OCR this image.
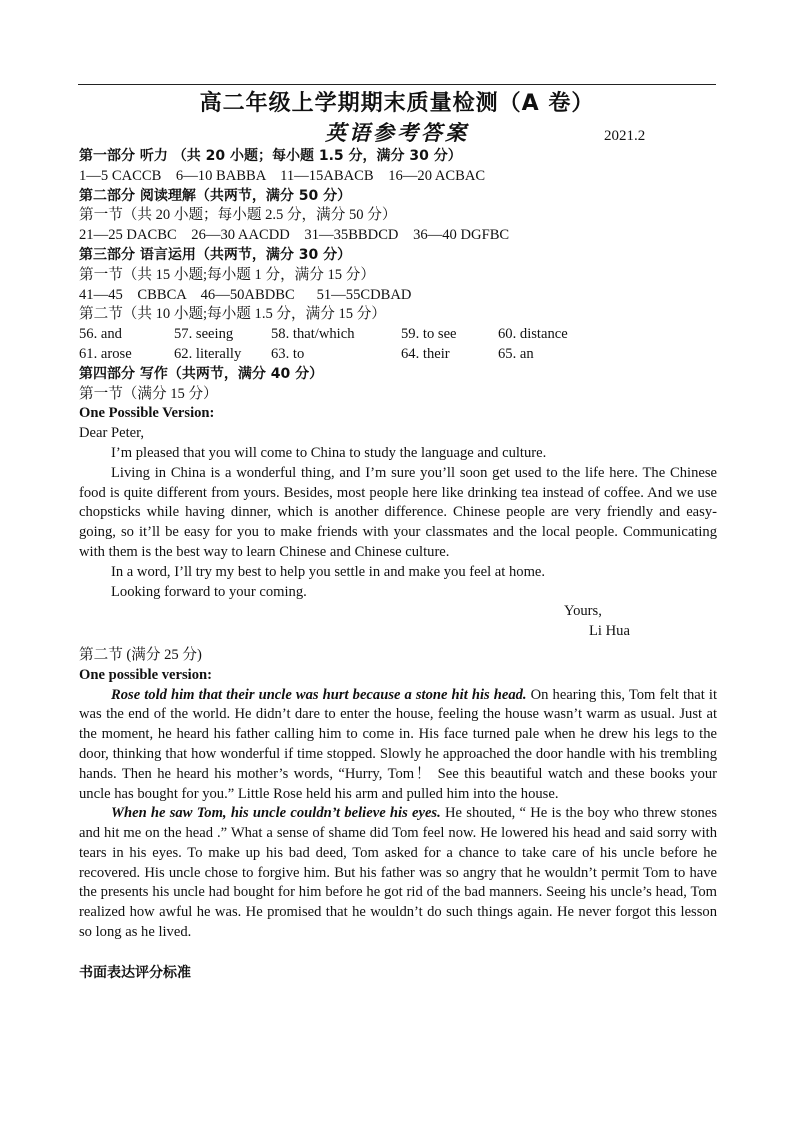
高二年级上学期期末质量检测（A 卷）
英语参考答案	2021.2
第一部分 听力 （共 20 小题；每小题 1.5 分，满分 30 分）
1—5 CACCB    6—10 BABBA    11—15ABACB    16—20 ACBAC
第二部分 阅读理解（共两节，满分 50 分）
第一节（共 20 小题；每小题 2.5 分，满分 50 分）
21—25 DACBC    26—30 AACDD    31—35BBDCD    36—40 DGFBC
第三部分 语言运用（共两节，满分 30 分）
第一节（共 15 小题;每小题 1 分，满分 15 分）
41—45    CBBCA    46—50ABDBC      51—55CDBAD
第二节（共 10 小题;每小题 1.5 分，满分 15 分）
56. and	57. seeing	58. that/which	59. to see	60. distance
61. arose	62. literally	63. to	64. their	65. an
第四部分 写作（共两节，满分 40 分）
第一节（满分 15 分）
One Possible Version:
Dear Peter,

I’m pleased that you will come to China to study the language and culture.

Living in China is a wonderful thing, and I’m sure you’ll soon get used to the life here. The Chinese food is quite different from yours. Besides, most people here like drinking tea instead of coffee. And we use chopsticks while having dinner, which is another difference. Chinese people are very friendly and easy-going, so it’ll be easy for you to make friends with your classmates and the local people. Communicating with them is the best way to learn Chinese and Chinese culture.

In a word, I’ll try my best to help you settle in and make you feel at home.

Looking forward to your coming.

Yours,
Li Hua
第二节 (满分 25 分)
One possible version:

Rose told him that their uncle was hurt because a stone hit his head. On hearing this, Tom felt that it was the end of the world. He didn’t dare to enter the house, feeling the house wasn’t warm as usual. Just at the moment, he heard his father calling him to come in. His face turned pale when he drew his legs to the door, thinking that how wonderful if time stopped. Slowly he approached the door handle with his trembling hands. Then he heard his mother’s words, “Hurry, Tom！ See this beautiful watch and these books your uncle has bought for you.” Little Rose held his arm and pulled him into the house.

When he saw Tom, his uncle couldn’t believe his eyes. He shouted, “ He is the boy who threw stones and hit me on the head .” What a sense of shame did Tom feel now. He lowered his head and said sorry with tears in his eyes. To make up his bad deed, Tom asked for a chance to take care of his uncle before he recovered. His uncle chose to forgive him. But his father was so angry that he wouldn’t permit Tom to have the presents his uncle had bought for him before he got rid of the bad manners. Seeing his uncle’s head, Tom realized how awful he was. He promised that he wouldn’t do such things again. He never forgot this lesson so long as he lived.

书面表达评分标准
